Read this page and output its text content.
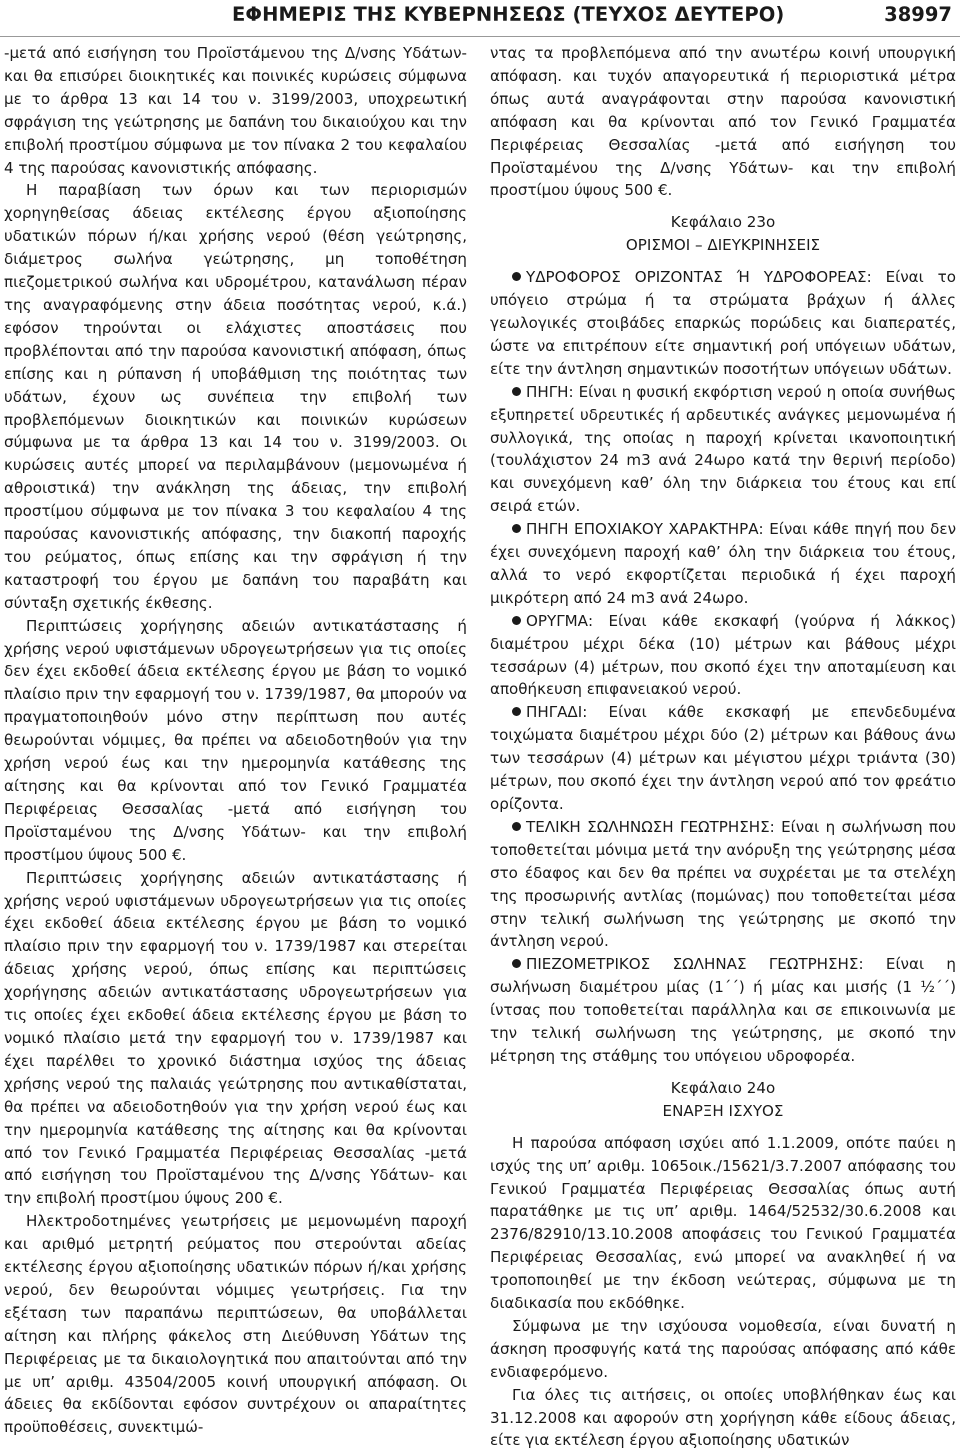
ΕΦΗΜΕΡΙΣ ΤΗΣ ΚΥΒΕΡΝΗΣΕΩΣ (ΤΕΥΧΟΣ ΔΕΥΤΕΡΟ)	38997

-μετά από εισήγηση του Προϊστάμενου της Δ/νσης Υδάτων- και θα επισύρει διοικητικές και ποινικές κυρώσεις σύμφωνα με το άρθρα 13 και 14 του ν. 3199/2003, υποχρεωτική σφράγιση της γεώτρησης με δαπάνη του δικαιούχου και την επιβολή προστίμου σύμφωνα με τον πίνακα 2 του κεφαλαίου 4 της παρούσας κανονιστικής απόφασης.

Η παραβίαση των όρων και των περιορισμών χορηγηθείσας άδειας εκτέλεσης έργου αξιοποίησης υδατικών πόρων ή/και χρήσης νερού (θέση γεώτρησης, διάμετρος σωλήνα γεώτρησης, μη τοποθέτηση πιεζομετρικού σωλήνα και υδρομέτρου, κατανάλωση πέραν της αναγραφόμενης στην άδεια ποσότητας νερού, κ.ά.) εφόσον τηρούνται οι ελάχιστες αποστάσεις που προβλέπονται από την παρούσα κανονιστική απόφαση, όπως επίσης και η ρύπανση ή υποβάθμιση της ποιότητας των υδάτων, έχουν ως συνέπεια την επιβολή των προβλεπόμενων διοικητικών και ποινικών κυρώσεων σύμφωνα με τα άρθρα 13 και 14 του ν. 3199/2003. Οι κυρώσεις αυτές μπορεί να περιλαμβάνουν (μεμονωμένα ή αθροιστικά) την ανάκληση της άδειας, την επιβολή προστίμου σύμφωνα με τον πίνακα 3 του κεφαλαίου 4 της παρούσας κανονιστικής απόφασης, την διακοπή παροχής του ρεύματος, όπως επίσης και την σφράγιση ή την καταστροφή του έργου με δαπάνη του παραβάτη και σύνταξη σχετικής έκθεσης.

Περιπτώσεις χορήγησης αδειών αντικατάστασης ή χρήσης νερού υφιστάμενων υδρογεωτρήσεων για τις οποίες δεν έχει εκδοθεί άδεια εκτέλεσης έργου με βάση το νομικό πλαίσιο πριν την εφαρμογή του ν. 1739/1987, θα μπορούν να πραγματοποιηθούν μόνο στην περίπτωση που αυτές θεωρούνται νόμιμες, θα πρέπει να αδειοδοτηθούν για την χρήση νερού έως και την ημερομηνία κατάθεσης της αίτησης και θα κρίνονται από τον Γενικό Γραμματέα Περιφέρειας Θεσσαλίας -μετά από εισήγηση του Προϊσταμένου της Δ/νσης Υδάτων- και την επιβολή προστίμου ύψους 500 €.

Περιπτώσεις χορήγησης αδειών αντικατάστασης ή χρήσης νερού υφιστάμενων υδρογεωτρήσεων για τις οποίες έχει εκδοθεί άδεια εκτέλεσης έργου με βάση το νομικό πλαίσιο πριν την εφαρμογή του ν. 1739/1987 και στερείται άδειας χρήσης νερού, όπως επίσης και περιπτώσεις χορήγησης αδειών αντικατάστασης υδρογεωτρήσεων για τις οποίες έχει εκδοθεί άδεια εκτέλεσης έργου με βάση το νομικό πλαίσιο μετά την εφαρμογή του ν. 1739/1987 και έχει παρέλθει το χρονικό διάστημα ισχύος της άδειας χρήσης νερού της παλαιάς γεώτρησης που αντικαθίσταται, θα πρέπει να αδειοδοτηθούν για την χρήση νερού έως και την ημερομηνία κατάθεσης της αίτησης και θα κρίνονται από τον Γενικό Γραμματέα Περιφέρειας Θεσσαλίας -μετά από εισήγηση του Προϊσταμένου της Δ/νσης Υδάτων- και την επιβολή προστίμου ύψους 200 €.

Ηλεκτροδοτημένες γεωτρήσεις με μεμονωμένη παροχή και αριθμό μετρητή ρεύματος που στερούνται αδείας εκτέλεσης έργου αξιοποίησης υδατικών πόρων ή/και χρήσης νερού, δεν θεωρούνται νόμιμες γεωτρήσεις. Για την εξέταση των παραπάνω περιπτώσεων, θα υποβάλλεται αίτηση και πλήρης φάκελος στη Διεύθυνση Υδάτων της Περιφέρειας με τα δικαιολογητικά που απαιτούνται από την με υπ’ αριθμ. 43504/2005 κοινή υπουργική απόφαση. Οι άδειες θα εκδίδονται εφόσον συντρέχουν οι απαραίτητες προϋποθέσεις, συνεκτιμώ-

ντας τα προβλεπόμενα από την ανωτέρω κοινή υπουργική απόφαση. και τυχόν απαγορευτικά ή περιοριστικά μέτρα όπως αυτά αναγράφονται στην παρούσα κανονιστική απόφαση και θα κρίνονται από τον Γενικό Γραμματέα Περιφέρειας Θεσσαλίας -μετά από εισήγηση του Προϊσταμένου της Δ/νσης Υδάτων- και την επιβολή προστίμου ύψους 500 €.

Κεφάλαιο 23ο

ΟΡΙΣΜΟΙ – ΔΙΕΥΚΡΙΝΗΣΕΙΣ

ΥΔΡΟΦΟΡΟΣ ΟΡΙΖΟΝΤΑΣ Ή ΥΔΡΟΦΟΡΕΑΣ: Είναι το υπόγειο στρώμα ή τα στρώματα βράχων ή άλλες γεωλογικές στοιβάδες επαρκώς πορώδεις και διαπερατές, ώστε να επιτρέπουν είτε σημαντική ροή υπόγειων υδάτων, είτε την άντληση σημαντικών ποσοτήτων υπόγειων υδάτων.

ΠΗΓΗ: Είναι η φυσική εκφόρτιση νερού η οποία συνήθως εξυπηρετεί υδρευτικές ή αρδευτικές ανάγκες μεμονωμένα ή συλλογικά, της οποίας η παροχή κρίνεται ικανοποιητική (τουλάχιστον 24 m3 ανά 24ωρο κατά την θερινή περίοδο) και συνεχόμενη καθ’ όλη την διάρκεια του έτους και επί σειρά ετών.

ΠΗΓΗ ΕΠΟΧΙΑΚΟΥ ΧΑΡΑΚΤΗΡΑ: Είναι κάθε πηγή που δεν έχει συνεχόμενη παροχή καθ’ όλη την διάρκεια του έτους, αλλά το νερό εκφορτίζεται περιοδικά ή έχει παροχή μικρότερη από 24 m3 ανά 24ωρο.

ΟΡΥΓΜΑ: Είναι κάθε εκσκαφή (γούρνα ή λάκκος) διαμέτρου μέχρι δέκα (10) μέτρων και βάθους μέχρι τεσσάρων (4) μέτρων, που σκοπό έχει την αποταμίευση και αποθήκευση επιφανειακού νερού.

ΠΗΓΑΔΙ: Είναι κάθε εκσκαφή με επενδεδυμένα τοιχώματα διαμέτρου μέχρι δύο (2) μέτρων και βάθους άνω των τεσσάρων (4) μέτρων και μέγιστου μέχρι τριάντα (30) μέτρων, που σκοπό έχει την άντληση νερού από τον φρεάτιο ορίζοντα.

ΤΕΛΙΚΗ ΣΩΛΗΝΩΣΗ ΓΕΩΤΡΗΣΗΣ: Είναι η σωλήνωση που τοποθετείται μόνιμα μετά την ανόρυξη της γεώτρησης μέσα στο έδαφος και δεν θα πρέπει να συχρέεται με τα στελέχη της προσωρινής αντλίας (πομώνας) που τοποθετείται μέσα στην τελική σωλήνωση της γεώτρησης με σκοπό την άντληση νερού.

ΠΙΕΖΟΜΕΤΡΙΚΟΣ ΣΩΛΗΝΑΣ ΓΕΩΤΡΗΣΗΣ: Είναι η σωλήνωση διαμέτρου μίας (1΄΄) ή μίας και μισής (1 ½΄΄) ίντσας που τοποθετείται παράλληλα και σε επικοινωνία με την τελική σωλήνωση της γεώτρησης, με σκοπό την μέτρηση της στάθμης του υπόγειου υδροφορέα.

Κεφάλαιο 24ο

ΕΝΑΡΞΗ ΙΣΧΥΟΣ

Η παρούσα απόφαση ισχύει από 1.1.2009, οπότε παύει η ισχύς της υπ’ αριθμ. 1065οικ./15621/3.7.2007 απόφασης του Γενικού Γραμματέα Περιφέρειας Θεσσαλίας όπως αυτή παρατάθηκε με τις υπ’ αριθμ. 1464/52532/30.6.2008 και 2376/82910/13.10.2008 αποφάσεις του Γενικού Γραμματέα Περιφέρειας Θεσσαλίας, ενώ μπορεί να ανακληθεί ή να τροποποιηθεί με την έκδοση νεώτερας, σύμφωνα με τη διαδικασία που εκδόθηκε.

Σύμφωνα με την ισχύουσα νομοθεσία, είναι δυνατή η άσκηση προσφυγής κατά της παρούσας απόφασης από κάθε ενδιαφερόμενο.

Για όλες τις αιτήσεις, οι οποίες υποβλήθηκαν έως και 31.12.2008 και αφορούν στη χορήγηση κάθε είδους άδειας, είτε για εκτέλεση έργου αξιοποίησης υδατικών
